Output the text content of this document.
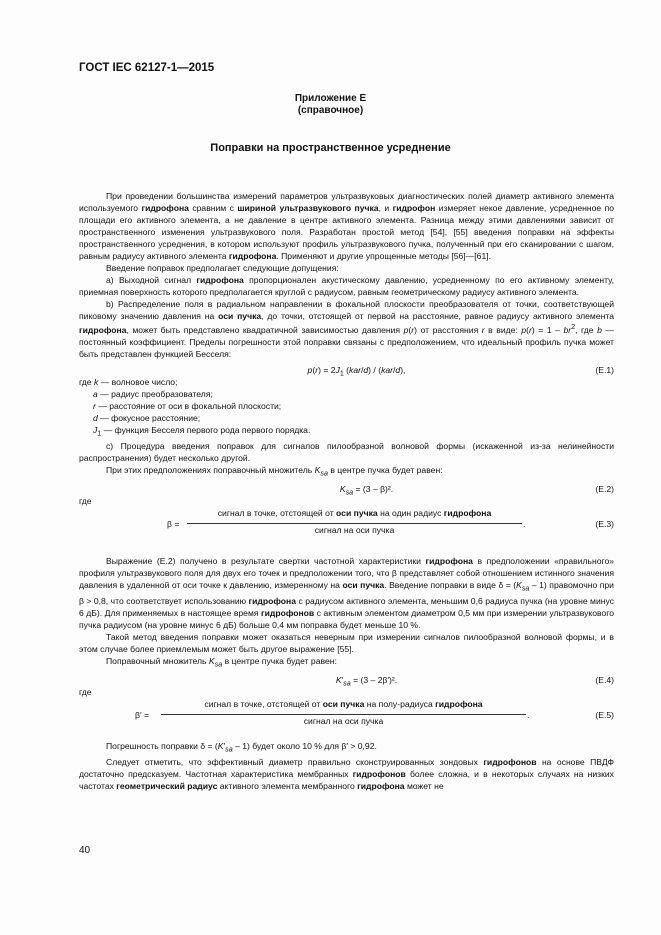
ГОСТ IEC 62127-1—2015
Приложение Е
(справочное)
Поправки на пространственное усреднение

При проведении большинства измерений параметров ультразвуковых диагностических полей диаметр активного элемента используемого гидрофона сравним с шириной ультразвукового пучка, и гидрофон измеряет некое давление, усредненное по площади его активного элемента, а не давление в центре активного элемента. Разница между этими давлениями зависит от пространственного изменения ультразвукового поля. Разработан простой метод [54], [55] введения поправки на эффекты пространственного усреднения, в котором используют профиль ультразвукового пучка, полученный при его сканировании с шагом, равным радиусу активного элемента гидрофона. Применяют и другие упрощенные методы [56]—[61].

Введение поправок предполагает следующие допущения:

а) Выходной сигнал гидрофона пропорционален акустическому давлению, усредненному по его активному элементу, приемная поверхность которого предполагается круглой с радиусом, равным геометрическому радиусу активного элемента.

b) Распределение поля в радиальном направлении в фокальной плоскости преобразователя от точки, соответствующей пиковому значению давления на оси пучка, до точки, отстоящей от первой на расстояние, равное радиусу активного элемента гидрофона, может быть представлено квадратичной зависимостью давления p(r) от расстояния r в виде: $p(r) = 1 - br^2$, где b — постоянный коэффициент. Пределы погрешности этой поправки связаны с предположением, что идеальный профиль пучка может быть представлен функцией Бесселя:

$p(r) = 2J_1$ (kar/d) / (kar/d),	(Е.1)
где k — волновое число;
a — радиус преобразователя;
r — расстояние от оси в фокальной плоскости;
d — фокусное расстояние;
$J_1$ — функция Бесселя первого рода первого порядка.

с) Процедура введения поправок для сигналов пилообразной волновой формы (искаженной из-за нелинейности распространения) будет несколько другой.

При этих предположениях поправочный множитель $K_{sa}$ в центре пучка будет равен:

$K_{sa} = (3 - \beta)^2$.	(Е.2)

где

β =
сигнал в точке, отстоящей от оси пучка на один радиус гидрофона
.
сигнал на оси пучка
(Е.3)

Выражение (Е.2) получено в результате свертки частотной характеристики гидрофона в предположении «правильного» профиля ультразвукового поля для двух его точек и предположении того, что β представляет собой отношением истинного значения давления в удаленной от оси точке к давлению, измеренному на оси пучка. Введение поправки в виде $\delta = (K_{sa} - 1)$ правомочно при β > 0,8, что соответствует использованию гидрофона с радиусом активного элемента, меньшим 0,6 радиуса пучка (на уровне минус 6 дБ). Для применяемых в настоящее время гидрофонов с активным элементом диаметром 0,5 мм при измерении ультразвукового пучка радиусом (на уровне минус 6 дБ) больше 0,4 мм поправка будет меньше 10 %.

Такой метод введения поправки может оказаться неверным при измерении сигналов пилообразной волновой формы, и в этом случае более приемлемым может быть другое выражение [55].

Поправочный множитель $K_{sa}$ в центре пучка будет равен:

$K'_{sa} = (3 - 2\beta')^2$.	(Е.4)

где

β′ =
сигнал в точке, отстоящей от оси пучка на полу-радиуса гидрофона
.
сигнал на оси пучка
(Е.5)

Погрешность поправки $\delta = (K'_{sa} - 1)$ будет около 10 % для β′ > 0,92.

Следует отметить, что эффективный диаметр правильно сконструированных зондовых гидрофонов на основе ПВДФ достаточно предсказуем. Частотная характеристика мембранных гидрофонов более сложна, и в некоторых случаях на низких частотах геометрический радиус активного элемента мембранного гидрофона может не

40
